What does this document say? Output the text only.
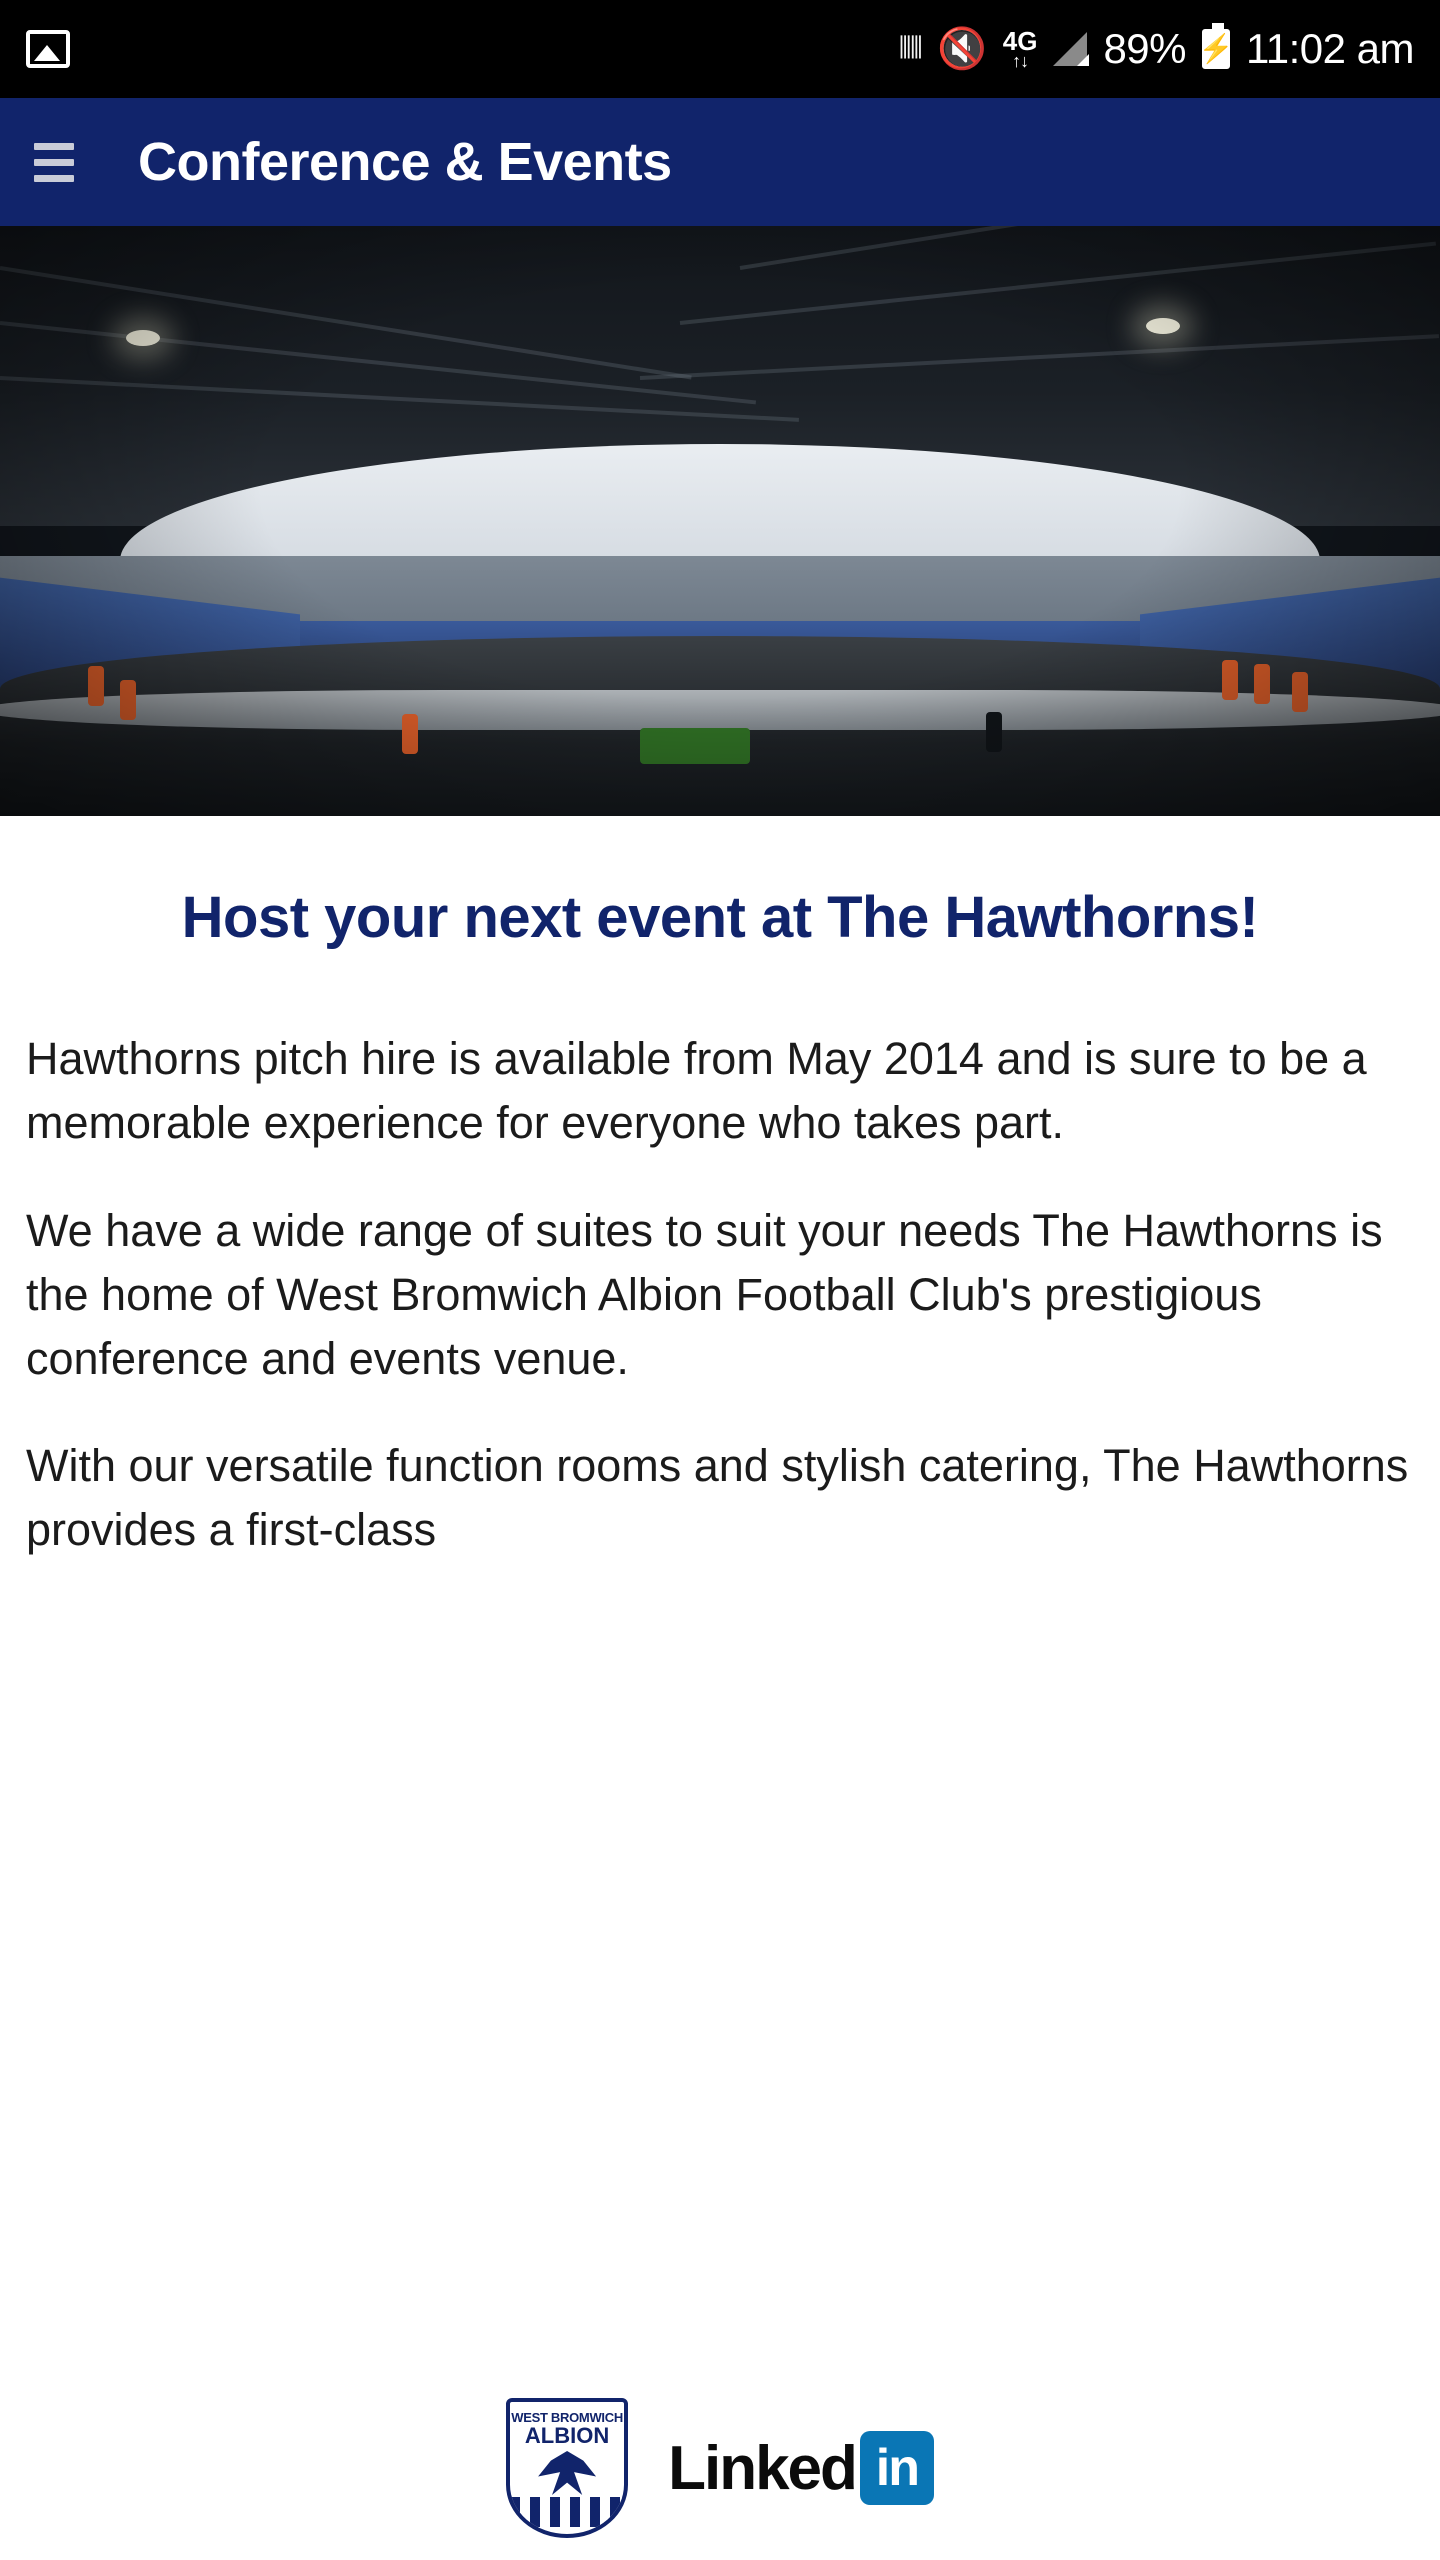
⦀⦀ 🔇 4G
↑↓ 89% ⚡ 11:02 am
Conference & Events
Host your next event at The Hawthorns!

Hawthorns pitch hire is available from May 2014 and is sure to be a memorable experience for everyone who takes part.

We have a wide range of suites to suit your needs The Hawthorns is the home of West Bromwich Albion Football Club's prestigious conference and events venue.

With our versatile function rooms and stylish catering, The Hawthorns provides a first-class

WEST BROMWICH
ALBION Linked in
